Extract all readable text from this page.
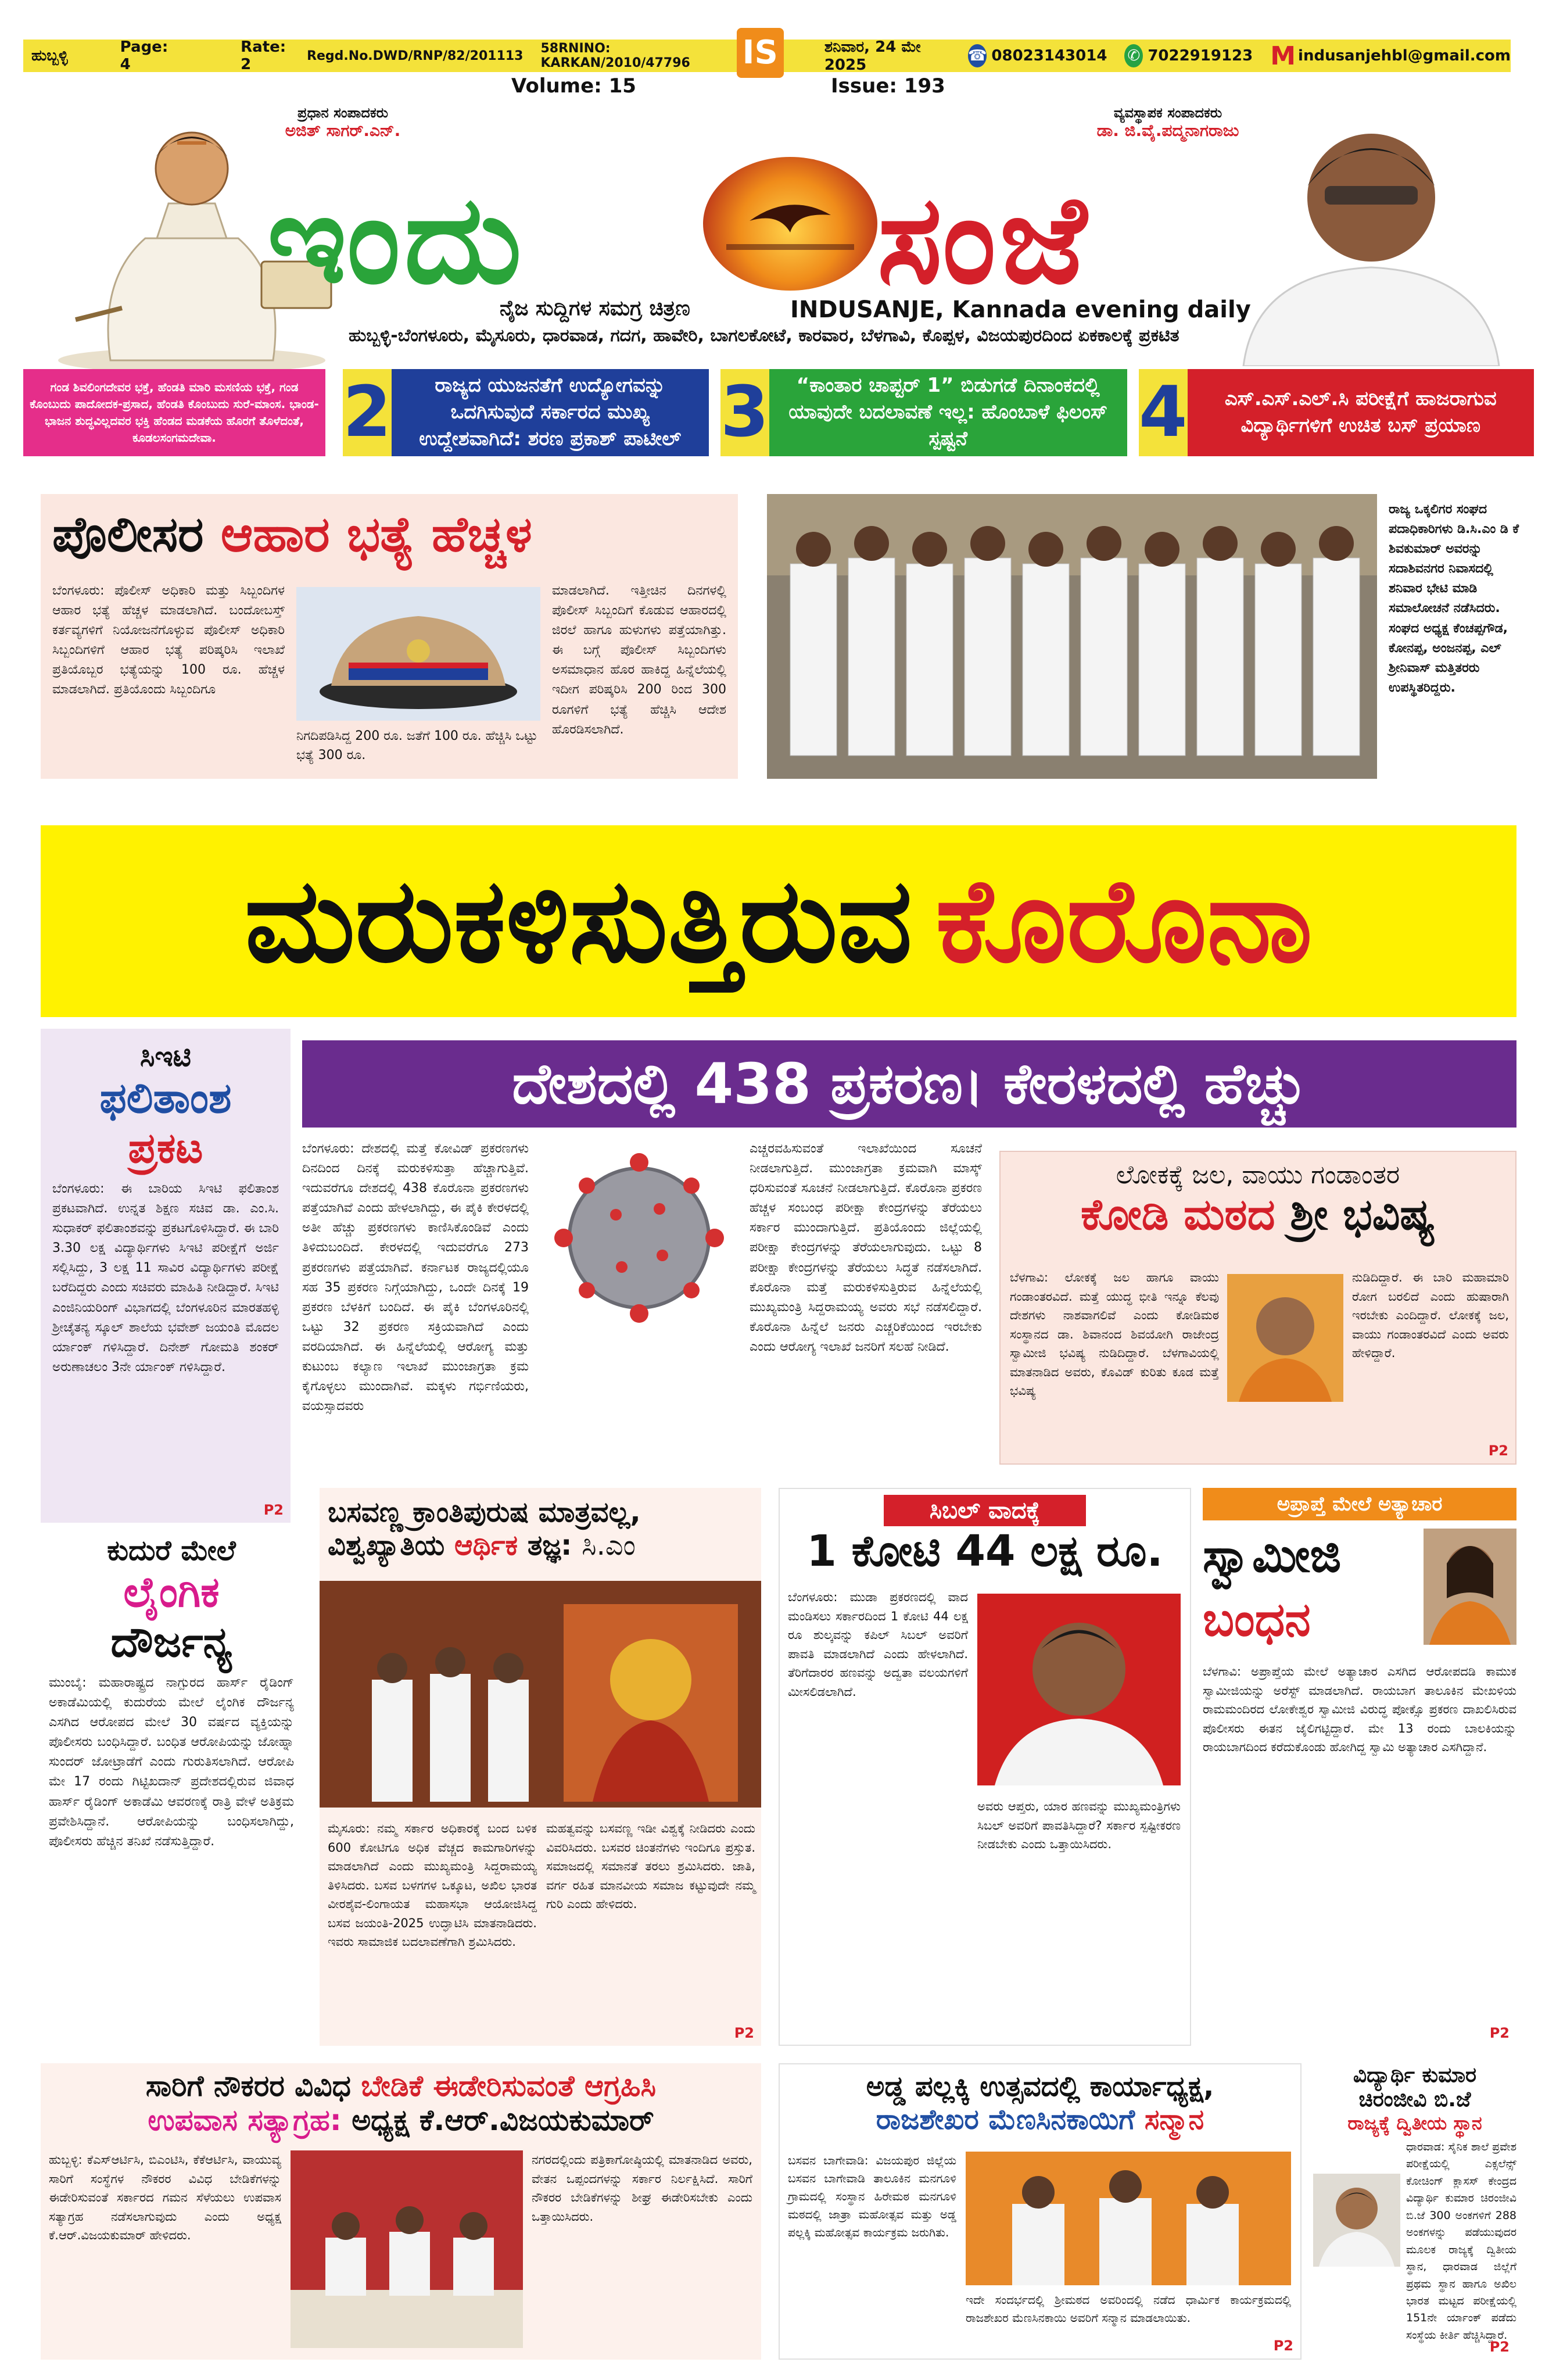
ಹುಬ್ಬಳ್ಳಿ	Page: 4
Rate: 2	Regd.No.DWD/RNP/82/201113 58RNINO: KARKAN/2010/47796	IS	ಶನಿವಾರ, 24 ಮೇ 2025
☎ 08023143014 ✆ 7022919123 M indusanjehbl@gmail.com
Volume: 15	Issue: 193
ಪ್ರಧಾನ ಸಂಪಾದಕರು
ಅಜಿತ್ ಸಾಗರ್.ಎನ್.
ವ್ಯವಸ್ಥಾಪಕ ಸಂಪಾದಕರು
ಡಾ. ಜಿ.ವೈ.ಪದ್ಮನಾಗರಾಜು
ಇಂದು	ಸಂಜೆ
ನೈಜ ಸುದ್ದಿಗಳ ಸಮಗ್ರ ಚಿತ್ರಣ	INDUSANJE, Kannada evening daily
ಹುಬ್ಬಳ್ಳಿ-ಬೆಂಗಳೂರು, ಮೈಸೂರು, ಧಾರವಾಡ, ಗದಗ, ಹಾವೇರಿ, ಬಾಗಲಕೋಟೆ, ಕಾರವಾರ, ಬೆಳಗಾವಿ, ಕೊಪ್ಪಳ, ವಿಜಯಪುರದಿಂದ ಏಕಕಾಲಕ್ಕೆ ಪ್ರಕಟಿತ
ಗಂಡ ಶಿವಲಿಂಗದೇವರ ಭಕ್ತೆ, ಹೆಂಡತಿ ಮಾರಿ ಮಸಣಿಯ ಭಕ್ತೆ, ಗಂಡ ಕೊಂಬುದು ಪಾದೋದಕ-ಪ್ರಸಾದ, ಹೆಂಡತಿ ಕೊಂಬುದು ಸುರೆ-ಮಾಂಸ. ಭಾಂಡ-ಭಾಜನ ಶುದ್ಧವಿಲ್ಲದವರ ಭಕ್ತಿ ಹೆಂಡದ ಮಡಕೆಯ ಹೊರಗೆ ತೊಳೆದಂತೆ, ಕೂಡಲಸಂಗಮದೇವಾ.	2	ರಾಜ್ಯದ ಯುಜನತೆಗೆ ಉದ್ಯೋಗವನ್ನು ಒದಗಿಸುವುದೆ ಸರ್ಕಾರದ ಮುಖ್ಯ ಉದ್ದೇಶವಾಗಿದೆ: ಶರಣ ಪ್ರಕಾಶ್ ಪಾಟೀಲ್ 3	“ಕಾಂತಾರ ಚಾಪ್ಟರ್ 1” ಬಿಡುಗಡೆ ದಿನಾಂಕದಲ್ಲಿ ಯಾವುದೇ ಬದಲಾವಣೆ ಇಲ್ಲ: ಹೊಂಬಾಳೆ ಫಿಲಂಸ್ ಸ್ಪಷ್ಟನೆ	4	ಎಸ್.ಎಸ್.ಎಲ್.ಸಿ ಪರೀಕ್ಷೆಗೆ ಹಾಜರಾಗುವ ವಿದ್ಯಾರ್ಥಿಗಳಿಗೆ ಉಚಿತ ಬಸ್ ಪ್ರಯಾಣ
ಪೊಲೀಸರ ಆಹಾರ ಭತ್ಯೆ ಹೆಚ್ಚಳ
ಬೆಂಗಳೂರು: ಪೊಲೀಸ್ ಅಧಿಕಾರಿ ಮತ್ತು ಸಿಬ್ಬಂದಿಗಳ ಆಹಾರ ಭತ್ಯೆ ಹೆಚ್ಚಳ ಮಾಡಲಾಗಿದೆ. ಬಂದೋಬಸ್ತ್ ಕರ್ತವ್ಯಗಳಿಗೆ ನಿಯೋಜನೆಗೊಳ್ಳುವ ಪೊಲೀಸ್ ಅಧಿಕಾರಿ ಸಿಬ್ಬಂದಿಗಳಿಗೆ ಆಹಾರ ಭತ್ಯೆ ಪರಿಷ್ಕರಿಸಿ ಇಲಾಖೆ ಪ್ರತಿಯೊಬ್ಬರ ಭತ್ಯೆಯನ್ನು 100 ರೂ. ಹೆಚ್ಚಳ ಮಾಡಲಾಗಿದೆ. ಪ್ರತಿಯೊಂದು ಸಿಬ್ಬಂದಿಗೂ
ನಿಗದಿಪಡಿಸಿದ್ದ 200 ರೂ. ಜತೆಗೆ 100 ರೂ. ಹೆಚ್ಚಿಸಿ ಒಟ್ಟು ಭತ್ಯೆ 300 ರೂ.
ಮಾಡಲಾಗಿದೆ. ಇತ್ತೀಚಿನ ದಿನಗಳಲ್ಲಿ ಪೊಲೀಸ್ ಸಿಬ್ಬಂದಿಗೆ ಕೊಡುವ ಆಹಾರದಲ್ಲಿ ಜಿರಲೆ ಹಾಗೂ ಹುಳುಗಳು ಪತ್ತೆಯಾಗಿತ್ತು. ಈ ಬಗ್ಗೆ ಪೊಲೀಸ್ ಸಿಬ್ಬಂದಿಗಳು ಅಸಮಾಧಾನ ಹೊರ ಹಾಕಿದ್ದ ಹಿನ್ನೆಲೆಯಲ್ಲಿ ಇದೀಗ ಪರಿಷ್ಕರಿಸಿ 200 ರಿಂದ 300 ರೂಗಳಿಗೆ ಭತ್ಯೆ ಹೆಚ್ಚಿಸಿ ಆದೇಶ ಹೊರಡಿಸಲಾಗಿದೆ.
ರಾಜ್ಯ ಒಕ್ಕಲಿಗರ ಸಂಘದ ಪದಾಧಿಕಾರಿಗಳು ಡಿ.ಸಿ.ಎಂ ಡಿ ಕೆ ಶಿವಕುಮಾರ್ ಅವರನ್ನು ಸದಾಶಿವನಗರ ನಿವಾಸದಲ್ಲಿ ಶನಿವಾರ ಭೇಟಿ ಮಾಡಿ ಸಮಾಲೋಚನೆ ನಡೆಸಿದರು. ಸಂಘದ ಅಧ್ಯಕ್ಷ ಕೆಂಚಪ್ಪಗೌಡ, ಕೋನಪ್ಪ, ಅಂಜನಪ್ಪ, ಎಲ್ ಶ್ರೀನಿವಾಸ್ ಮತ್ತಿತರರು ಉಪಸ್ಥಿತರಿದ್ದರು.
ಮರುಕಳಿಸುತ್ತಿರುವ ಕೊರೊನಾ
ಸಿಇಟಿ
ಫಲಿತಾಂಶ
ಪ್ರಕಟ
ಬೆಂಗಳೂರು: ಈ ಬಾರಿಯ ಸಿಇಟಿ ಫಲಿತಾಂಶ ಪ್ರಕಟವಾಗಿದೆ. ಉನ್ನತ ಶಿಕ್ಷಣ ಸಚಿವ ಡಾ. ಎಂ.ಸಿ. ಸುಧಾಕರ್ ಫಲಿತಾಂಶವನ್ನು ಪ್ರಕಟಗೊಳಿಸಿದ್ದಾರೆ. ಈ ಬಾರಿ 3.30 ಲಕ್ಷ ವಿದ್ಯಾರ್ಥಿಗಳು ಸಿಇಟಿ ಪರೀಕ್ಷೆಗೆ ಅರ್ಜಿ ಸಲ್ಲಿಸಿದ್ದು, 3 ಲಕ್ಷ 11 ಸಾವಿರ ವಿದ್ಯಾರ್ಥಿಗಳು ಪರೀಕ್ಷೆ ಬರೆದಿದ್ದರು ಎಂದು ಸಚಿವರು ಮಾಹಿತಿ ನೀಡಿದ್ದಾರೆ. ಸಿಇಟಿ ಎಂಜಿನಿಯರಿಂಗ್ ವಿಭಾಗದಲ್ಲಿ ಬೆಂಗಳೂರಿನ ಮಾರತಹಳ್ಳಿ ಶ್ರೀಚೈತನ್ಯ ಸ್ಕೂಲ್ ಶಾಲೆಯ ಭವೇಶ್ ಜಯಂತಿ ಮೊದಲ ರ್ಯಾಂಕ್ ಗಳಿಸಿದ್ದಾರೆ. ದಿನೇಶ್ ಗೋಮತಿ ಶಂಕರ್ ಅರುಣಾಚಲಂ 3ನೇ ರ್ಯಾಂಕ್ ಗಳಿಸಿದ್ದಾರೆ.
P2
ದೇಶದಲ್ಲಿ 438 ಪ್ರಕರಣ। ಕೇರಳದಲ್ಲಿ ಹೆಚ್ಚು
ಬೆಂಗಳೂರು: ದೇಶದಲ್ಲಿ ಮತ್ತೆ ಕೋವಿಡ್ ಪ್ರಕರಣಗಳು ದಿನದಿಂದ ದಿನಕ್ಕೆ ಮರುಕಳಿಸುತ್ತಾ ಹೆಚ್ಚಾಗುತ್ತಿವೆ. ಇದುವರೆಗೂ ದೇಶದಲ್ಲಿ 438 ಕೊರೊನಾ ಪ್ರಕರಣಗಳು ಪತ್ತೆಯಾಗಿವೆ ಎಂದು ಹೇಳಲಾಗಿದ್ದು, ಈ ಪೈಕಿ ಕೇರಳದಲ್ಲಿ ಅತೀ ಹೆಚ್ಚು ಪ್ರಕರಣಗಳು ಕಾಣಿಸಿಕೊಂಡಿವೆ ಎಂದು ತಿಳಿದುಬಂದಿದೆ. ಕೇರಳದಲ್ಲಿ ಇದುವರೆಗೂ 273 ಪ್ರಕರಣಗಳು ಪತ್ತೆಯಾಗಿವೆ. ಕರ್ನಾಟಕ ರಾಜ್ಯದಲ್ಲಿಯೂ ಸಹ 35 ಪ್ರಕರಣ ನಿಗ್ಗೆಯಾಗಿದ್ದು, ಒಂದೇ ದಿನಕ್ಕೆ 19 ಪ್ರಕರಣ ಬೆಳಕಿಗೆ ಬಂದಿದೆ. ಈ ಪೈಕಿ ಬೆಂಗಳೂರಿನಲ್ಲಿ ಒಟ್ಟು 32 ಪ್ರಕರಣ ಸಕ್ರಿಯವಾಗಿದೆ ಎಂದು ವರದಿಯಾಗಿದೆ. ಈ ಹಿನ್ನೆಲೆಯಲ್ಲಿ ಆರೋಗ್ಯ ಮತ್ತು ಕುಟುಂಬ ಕಲ್ಯಾಣ ಇಲಾಖೆ ಮುಂಜಾಗ್ರತಾ ಕ್ರಮ ಕೈಗೊಳ್ಳಲು ಮುಂದಾಗಿವೆ. ಮಕ್ಕಳು ಗರ್ಭಿಣಿಯರು, ವಯಸ್ಸಾದವರು
ಎಚ್ಚರವಹಿಸುವಂತೆ ಇಲಾಖೆಯಿಂದ ಸೂಚನೆ ನೀಡಲಾಗುತ್ತಿದೆ. ಮುಂಜಾಗ್ರತಾ ಕ್ರಮವಾಗಿ ಮಾಸ್ಕ್ ಧರಿಸುವಂತೆ ಸೂಚನೆ ನೀಡಲಾಗುತ್ತಿದೆ. ಕೊರೊನಾ ಪ್ರಕರಣ ಹೆಚ್ಚಳ ಸಂಬಂಧ ಪರೀಕ್ಷಾ ಕೇಂದ್ರಗಳನ್ನು ತೆರೆಯಲು ಸರ್ಕಾರ ಮುಂದಾಗುತ್ತಿದೆ. ಪ್ರತಿಯೊಂದು ಜಿಲ್ಲೆಯಲ್ಲಿ ಪರೀಕ್ಷಾ ಕೇಂದ್ರಗಳನ್ನು ತೆರೆಯಲಾಗುವುದು. ಒಟ್ಟು 8 ಪರೀಕ್ಷಾ ಕೇಂದ್ರಗಳನ್ನು ತೆರೆಯಲು ಸಿದ್ಧತೆ ನಡೆಸಲಾಗಿದೆ. ಕೊರೊನಾ ಮತ್ತೆ ಮರುಕಳಿಸುತ್ತಿರುವ ಹಿನ್ನೆಲೆಯಲ್ಲಿ ಮುಖ್ಯಮಂತ್ರಿ ಸಿದ್ದರಾಮಯ್ಯ ಅವರು ಸಭೆ ನಡೆಸಲಿದ್ದಾರೆ. ಕೊರೊನಾ ಹಿನ್ನೆಲೆ ಜನರು ಎಚ್ಚರಿಕೆಯಿಂದ ಇರಬೇಕು ಎಂದು ಆರೋಗ್ಯ ಇಲಾಖೆ ಜನರಿಗೆ ಸಲಹೆ ನೀಡಿದೆ.
ಲೋಕಕ್ಕೆ ಜಲ, ವಾಯು ಗಂಡಾಂತರ
ಕೋಡಿ ಮಠದ ಶ್ರೀ ಭವಿಷ್ಯ
ಬೆಳಗಾವಿ: ಲೋಕಕ್ಕೆ ಜಲ ಹಾಗೂ ವಾಯು ಗಂಡಾಂತರವಿದೆ. ಮತ್ತೆ ಯುದ್ಧ ಭೀತಿ ಇನ್ನೂ ಕೆಲವು ದೇಶಗಳು ನಾಶವಾಗಲಿವೆ ಎಂದು ಕೋಡಿಮಠ ಸಂಸ್ಥಾನದ ಡಾ. ಶಿವಾನಂದ ಶಿವಯೋಗಿ ರಾಜೇಂದ್ರ ಸ್ವಾಮೀಜಿ ಭವಿಷ್ಯ ನುಡಿದಿದ್ದಾರೆ. ಬೆಳಗಾವಿಯಲ್ಲಿ ಮಾತನಾಡಿದ ಅವರು, ಕೊವಿಡ್ ಕುರಿತು ಕೂಡ ಮತ್ತೆ ಭವಿಷ್ಯ
ನುಡಿದಿದ್ದಾರೆ. ಈ ಬಾರಿ ಮಹಾಮಾರಿ ರೋಗ ಬರಲಿದೆ ಎಂದು ಹುಷಾರಾಗಿ ಇರಬೇಕು ಎಂದಿದ್ದಾರೆ. ಲೋಕಕ್ಕೆ ಜಲ, ವಾಯು ಗಂಡಾಂತರವಿದೆ ಎಂದು ಅವರು ಹೇಳಿದ್ದಾರೆ.
P2
ಕುದುರೆ ಮೇಲೆ
ಲೈಂಗಿಕ
ದೌರ್ಜನ್ಯ
ಮುಂಬೈ: ಮಹಾರಾಷ್ಟ್ರದ ನಾಗ್ಪುರದ ಹಾರ್ಸ್ ರೈಡಿಂಗ್ ಅಕಾಡೆಮಿಯಲ್ಲಿ ಕುದುರೆಯ ಮೇಲೆ ಲೈಂಗಿಕ ದೌರ್ಜನ್ಯ ಎಸಗಿದ ಆರೋಪದ ಮೇಲೆ 30 ವರ್ಷದ ವ್ಯಕ್ತಿಯನ್ನು ಪೊಲೀಸರು ಬಂಧಿಸಿದ್ದಾರೆ. ಬಂಧಿತ ಆರೋಪಿಯನ್ನು ಜೋಹ್ನಾ ಸುಂದರ್ ಜೋಟ್ರಾಡೆಗೆ ಎಂದು ಗುರುತಿಸಲಾಗಿದೆ. ಆರೋಪಿ ಮೇ 17 ರಂದು ಗಿಟ್ಟಿಖದಾನ್ ಪ್ರದೇಶದಲ್ಲಿರುವ ಜಿವಾಧ ಹಾರ್ಸ್ ರೈಡಿಂಗ್ ಅಕಾಡೆಮಿ ಆವರಣಕ್ಕೆ ರಾತ್ರಿ ವೇಳೆ ಅತಿಕ್ರಮ ಪ್ರವೇಶಿಸಿದ್ದಾನೆ. ಆರೋಪಿಯನ್ನು ಬಂಧಿಸಲಾಗಿದ್ದು, ಪೊಲೀಸರು ಹೆಚ್ಚಿನ ತನಿಖೆ ನಡೆಸುತ್ತಿದ್ದಾರೆ.
ಬಸವಣ್ಣ ಕ್ರಾಂತಿಪುರುಷ ಮಾತ್ರವಲ್ಲ,
ವಿಶ್ವಖ್ಯಾತಿಯ ಆರ್ಥಿಕ ತಜ್ಞ: ಸಿ.ಎಂ
ಮೈಸೂರು: ನಮ್ಮ ಸರ್ಕಾರ ಅಧಿಕಾರಕ್ಕೆ ಬಂದ ಬಳಿಕ 600 ಕೋಟಿಗೂ ಅಧಿಕ ವೆಚ್ಚದ ಕಾಮಗಾರಿಗಳನ್ನು ಮಾಡಲಾಗಿದೆ ಎಂದು ಮುಖ್ಯಮಂತ್ರಿ ಸಿದ್ದರಾಮಯ್ಯ ತಿಳಿಸಿದರು. ಬಸವ ಬಳಗಗಳ ಒಕ್ಕೂಟ, ಅಖಿಲ ಭಾರತ ವೀರಶೈವ-ಲಿಂಗಾಯತ ಮಹಾಸಭಾ ಆಯೋಜಿಸಿದ್ದ ಬಸವ ಜಯಂತಿ-2025 ಉದ್ಘಾಟಿಸಿ ಮಾತನಾಡಿದರು. ಇವರು ಸಾಮಾಜಿಕ ಬದಲಾವಣೆಗಾಗಿ ಶ್ರಮಿಸಿದರು.
ಮಹತ್ವವನ್ನು ಬಸವಣ್ಣ ಇಡೀ ವಿಶ್ವಕ್ಕೆ ನೀಡಿದರು ಎಂದು ವಿವರಿಸಿದರು. ಬಸವರ ಚಿಂತನೆಗಳು ಇಂದಿಗೂ ಪ್ರಸ್ತುತ. ಸಮಾಜದಲ್ಲಿ ಸಮಾನತೆ ತರಲು ಶ್ರಮಿಸಿದರು. ಜಾತಿ, ವರ್ಗ ರಹಿತ ಮಾನವೀಯ ಸಮಾಜ ಕಟ್ಟುವುದೇ ನಮ್ಮ ಗುರಿ ಎಂದು ಹೇಳಿದರು.
P2
ಸಿಬಲ್ ವಾದಕ್ಕೆ
1 ಕೋಟಿ 44 ಲಕ್ಷ ರೂ.
ಬೆಂಗಳೂರು: ಮುಡಾ ಪ್ರಕರಣದಲ್ಲಿ ವಾದ ಮಂಡಿಸಲು ಸರ್ಕಾರದಿಂದ 1 ಕೋಟಿ 44 ಲಕ್ಷ ರೂ ಶುಲ್ಕವನ್ನು ಕಪಿಲ್ ಸಿಬಲ್ ಅವರಿಗೆ ಪಾವತಿ ಮಾಡಲಾಗಿದೆ ಎಂದು ಹೇಳಲಾಗಿದೆ. ತೆರಿಗೆದಾರರ ಹಣವನ್ನು ಅದ್ವತಾ ವಲಯಗಳಿಗೆ ಮೀಸಲಿಡಲಾಗಿದೆ.
ಅವರು ಆಪ್ತರು, ಯಾರ ಹಣವನ್ನು ಮುಖ್ಯಮಂತ್ರಿಗಳು ಸಿಬಲ್ ಅವರಿಗೆ ಪಾವತಿಸಿದ್ದಾರೆ? ಸರ್ಕಾರ ಸ್ಪಷ್ಟೀಕರಣ ನೀಡಬೇಕು ಎಂದು ಒತ್ತಾಯಿಸಿದರು.
ಅಪ್ರಾಪ್ತೆ ಮೇಲೆ ಅತ್ಯಾಚಾರ
ಸ್ವಾಮೀಜಿ
ಬಂಧನ
ಬೆಳಗಾವಿ: ಅಪ್ರಾಪ್ತೆಯ ಮೇಲೆ ಅತ್ಯಾಚಾರ ಎಸಗಿದ ಆರೋಪದಡಿ ಕಾಮುಕ ಸ್ವಾಮೀಜಿಯನ್ನು ಅರೆಸ್ಟ್ ಮಾಡಲಾಗಿದೆ. ರಾಯಬಾಗ ತಾಲೂಕಿನ ಮೇಖಳಿಯ ರಾಮಮಂದಿರದ ಲೋಕೇಶ್ವರ ಸ್ವಾಮೀಜಿ ವಿರುದ್ಧ ಪೋಕ್ಸೊ ಪ್ರಕರಣ ದಾಖಲಿಸಿರುವ ಪೊಲೀಸರು ಈತನ ಜೈಲಿಗಟ್ಟಿದ್ದಾರೆ. ಮೇ 13 ರಂದು ಬಾಲಕಿಯನ್ನು ರಾಯಬಾಗದಿಂದ ಕರೆದುಕೊಂಡು ಹೋಗಿದ್ದ ಸ್ವಾಮಿ ಅತ್ಯಾಚಾರ ಎಸಗಿದ್ದಾನೆ.
P2
ಸಾರಿಗೆ ನೌಕರರ ವಿವಿಧ ಬೇಡಿಕೆ ಈಡೇರಿಸುವಂತೆ ಆಗ್ರಹಿಸಿ
ಉಪವಾಸ ಸತ್ಯಾಗ್ರಹ: ಅಧ್ಯಕ್ಷ ಕೆ.ಆರ್.ವಿಜಯಕುಮಾರ್
ಹುಬ್ಬಳ್ಳಿ: ಕೆಎಸ್ಆರ್ಟಿಸಿ, ಬಿಎಂಟಿಸಿ, ಕೆಕೆಆರ್ಟಿಸಿ, ವಾಯುವ್ಯ ಸಾರಿಗೆ ಸಂಸ್ಥೆಗಳ ನೌಕರರ ವಿವಿಧ ಬೇಡಿಕೆಗಳನ್ನು ಈಡೇರಿಸುವಂತೆ ಸರ್ಕಾರದ ಗಮನ ಸೆಳೆಯಲು ಉಪವಾಸ ಸತ್ಯಾಗ್ರಹ ನಡೆಸಲಾಗುವುದು ಎಂದು ಅಧ್ಯಕ್ಷ ಕೆ.ಆರ್.ವಿಜಯಕುಮಾರ್ ಹೇಳಿದರು.
ನಗರದಲ್ಲಿಂದು ಪತ್ರಿಕಾಗೋಷ್ಠಿಯಲ್ಲಿ ಮಾತನಾಡಿದ ಅವರು, ವೇತನ ಒಪ್ಪಂದಗಳನ್ನು ಸರ್ಕಾರ ನಿರ್ಲಕ್ಷಿಸಿದೆ. ಸಾರಿಗೆ ನೌಕರರ ಬೇಡಿಕೆಗಳನ್ನು ಶೀಘ್ರ ಈಡೇರಿಸಬೇಕು ಎಂದು ಒತ್ತಾಯಿಸಿದರು.
ಅಡ್ಡ ಪಲ್ಲಕ್ಕಿ ಉತ್ಸವದಲ್ಲಿ ಕಾರ್ಯಾಧ್ಯಕ್ಷ,
ರಾಜಶೇಖರ ಮೆಣಸಿನಕಾಯಿಗೆ ಸನ್ಮಾನ
ಬಸವನ ಬಾಗೇವಾಡಿ: ವಿಜಯಪುರ ಜಿಲ್ಲೆಯ ಬಸವನ ಬಾಗೇವಾಡಿ ತಾಲೂಕಿನ ಮನಗೂಳಿ ಗ್ರಾಮದಲ್ಲಿ ಸಂಸ್ಥಾನ ಹಿರೇಮಠ ಮನಗೂಳಿ ಮಠದಲ್ಲಿ ಜಾತ್ರಾ ಮಹೋತ್ಸವ ಮತ್ತು ಅಡ್ಡ ಪಲ್ಲಕ್ಕಿ ಮಹೋತ್ಸವ ಕಾರ್ಯಕ್ರಮ ಜರುಗಿತು.
ಇದೇ ಸಂದರ್ಭದಲ್ಲಿ ಶ್ರೀಮಠದ ಅವರಿಂದಲ್ಲಿ ನಡೆದ ಧಾರ್ಮಿಕ ಕಾರ್ಯಕ್ರಮದಲ್ಲಿ ರಾಜಶೇಖರ ಮೆಣಸಿನಕಾಯಿ ಅವರಿಗೆ ಸನ್ಮಾನ ಮಾಡಲಾಯಿತು.
P2
ವಿದ್ಯಾರ್ಥಿ ಕುಮಾರ
ಚಿರಂಜೀವಿ ಬಿ.ಜೆ
ರಾಜ್ಯಕ್ಕೆ ದ್ವಿತೀಯ ಸ್ಥಾನ
ಧಾರವಾಡ: ಸೈನಿಕ ಶಾಲೆ ಪ್ರವೇಶ ಪರೀಕ್ಷೆಯಲ್ಲಿ ಎಕ್ಸಲೆನ್ಸ್ ಕೋಚಿಂಗ್ ಕ್ಲಾಸಸ್ ಕೇಂದ್ರದ ವಿದ್ಯಾರ್ಥಿ ಕುಮಾರ ಚಿರಂಜೀವಿ ಬಿ.ಜೆ 300 ಅಂಕಗಳಿಗೆ 288 ಅಂಕಗಳನ್ನು ಪಡೆಯುವುದರ ಮೂಲಕ ರಾಜ್ಯಕ್ಕೆ ದ್ವಿತೀಯ ಸ್ಥಾನ, ಧಾರವಾಡ ಜಿಲ್ಲೆಗೆ ಪ್ರಥಮ ಸ್ಥಾನ ಹಾಗೂ ಅಖಿಲ ಭಾರತ ಮಟ್ಟದ ಪರೀಕ್ಷೆಯಲ್ಲಿ 151ನೇ ರ್ಯಾಂಕ್ ಪಡೆದು ಸಂಸ್ಥೆಯ ಕೀರ್ತಿ ಹೆಚ್ಚಿಸಿದ್ದಾರೆ.
P2
